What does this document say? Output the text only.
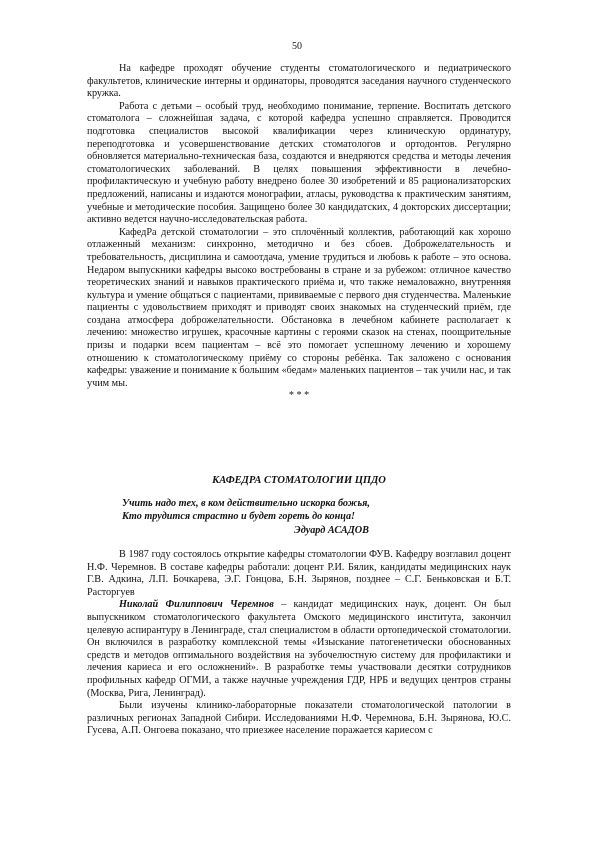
50

На кафедре проходят обучение студенты стоматологического и педиатрического факультетов, клинические интерны и ординаторы, проводятся заседания научного студенческого кружка.

Работа с детьми – особый труд, необходимо понимание, терпение. Воспитать детского стоматолога – сложнейшая задача, с которой кафедра успешно справляется. Проводится подготовка специалистов высокой квалификации через клиническую ординатуру, переподготовка и усовершенствование детских стоматологов и ортодонтов. Регулярно обновляется материально-техническая база, создаются и внедряются средства и методы лечения стоматологических заболеваний. В целях повышения эффективности в лечебно-профилактическую и учебную работу внедрено более 30 изобретений и 85 рационализаторских предложений, написаны и издаются монографии, атласы, руководства к практическим занятиям, учебные и методические пособия. Защищено более 30 кандидатских, 4 докторских диссертации; активно ведется научно-исследовательская работа.

КафедРа детской стоматологии – это сплочённый коллектив, работающий как хорошо отлаженный механизм: синхронно, методично и без сбоев. Доброжелательность и требовательность, дисциплина и самоотдача, умение трудиться и любовь к работе – это основа. Недаром выпускники кафедры высоко востребованы в стране и за рубежом: отличное качество теоретических знаний и навыков практического приёма и, что также немаловажно, внутренняя культура и умение общаться с пациентами, прививаемые с первого дня студенчества. Маленькие пациенты с удовольствием приходят и приводят своих знакомых на студенческий приём, где создана атмосфера доброжелательности. Обстановка в лечебном кабинете располагает к лечению: множество игрушек, красочные картины с героями сказок на стенах, поощрительные призы и подарки всем пациентам – всё это помогает успешному лечению и хорошему отношению к стоматологическому приёму со стороны ребёнка. Так заложено с основания кафедры: уважение и понимание к большим «бедам» маленьких пациентов – так учили нас, и так учим мы.

* * *
КАФЕДРА СТОМАТОЛОГИИ ЦПДО
Учить надо тех, в ком действительно искорка божья,
Кто трудится страстно и будет гореть до конца!
Эдуард АСАДОВ

В 1987 году состоялось открытие кафедры стоматологии ФУВ. Кафедру возглавил доцент Н.Ф. Черемнов. В составе кафедры работали: доцент Р.И. Бялик, кандидаты медицинских наук Г.В. Адкина, Л.П. Бочкарева, Э.Г. Гонцова, Б.Н. Зырянов, позднее – С.Г. Беньковская и Б.Т. Расторгуев

Николай Филиппович Черемнов – кандидат медицинских наук, доцент. Он был выпускником стоматологического факультета Омского медицинского института, закончил целевую аспирантуру в Ленинграде, стал специалистом в области ортопедической стоматологии. Он включился в разработку комплексной темы «Изыскание патогенетически обоснованных средств и методов оптимального воздействия на зубочелюстную систему для профилактики и лечения кариеса и его осложнений». В разработке темы участвовали десятки сотрудников профильных кафедр ОГМИ, а также научные учреждения ГДР, НРБ и ведущих центров страны (Москва, Рига, Ленинград).

Были изучены клинико-лабораторные показатели стоматологической патологии в различных регионах Западной Сибири. Исследованиями Н.Ф. Черемнова, Б.Н. Зырянова, Ю.С. Гусева, А.П. Онгоева показано, что приезжее население поражается кариесом с
